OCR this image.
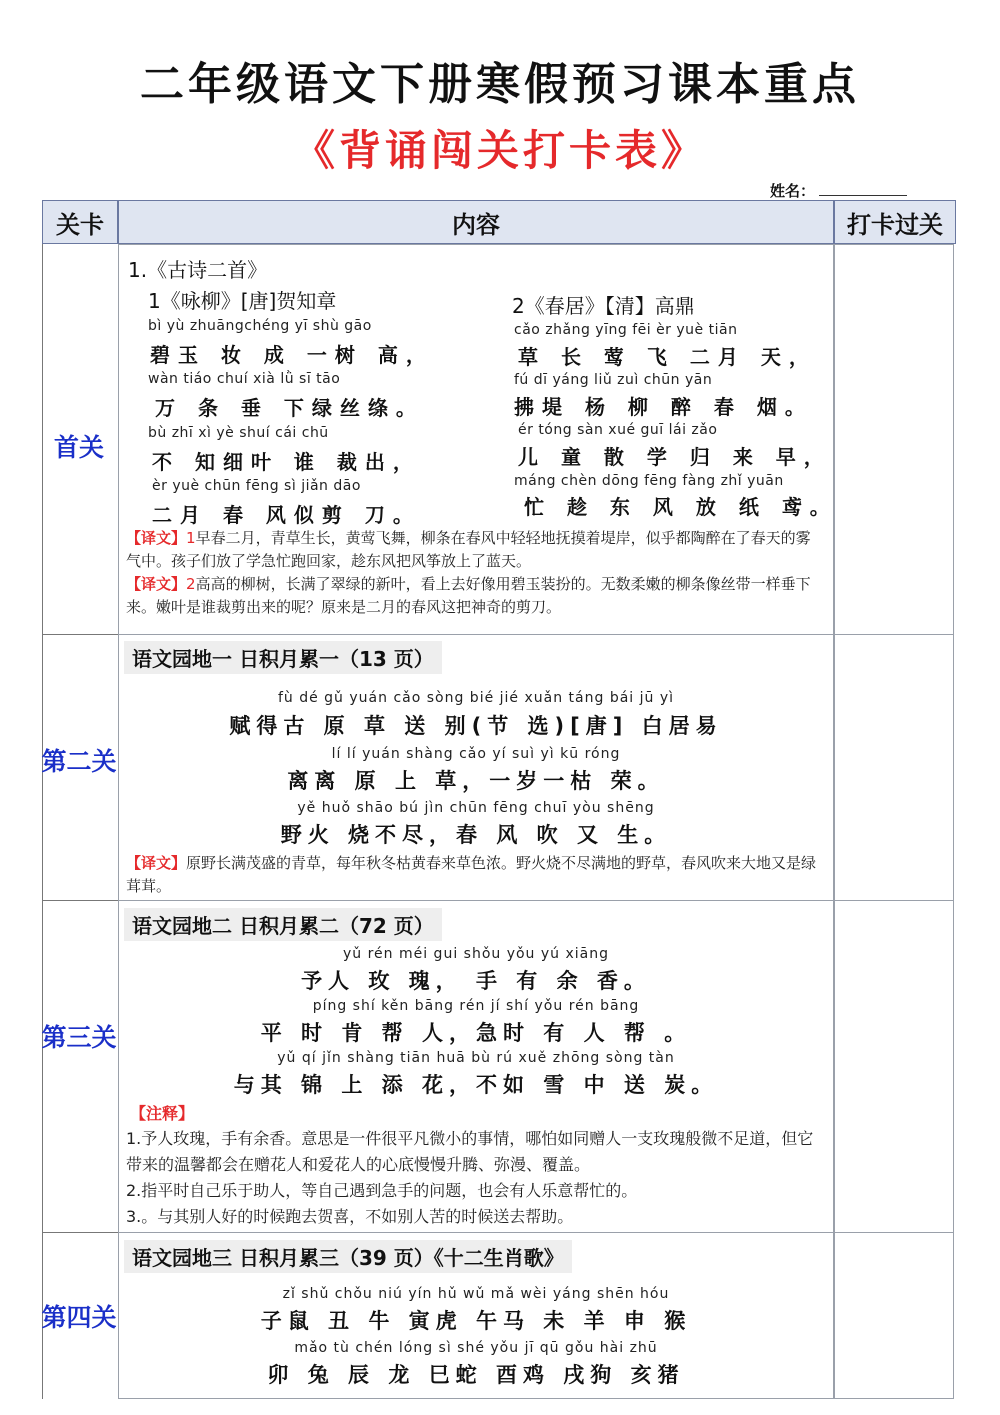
二年级语文下册寒假预习课本重点
《背诵闯关打卡表》
姓名：
关卡	内容	打卡过关
首关
第二关
第三关
第四关
1.《古诗二首》
1《咏柳》[唐]贺知章
bì yù zhuāngchéng yī shù gāo
碧玉 妆 成 一树 高，
wàn tiáo chuí xià lǜ sī tāo
万 条 垂 下绿丝绦。
bù zhī xì yè shuí cái chū
不 知细叶 谁 裁出，
èr yuè chūn fēng sì jiǎn dāo
二月 春 风似剪 刀。
2《春居》【清】高鼎
cǎo zhǎng yīng fēi èr yuè tiān
草 长 莺 飞 二月 天，
fú dī yáng liǔ zuì chūn yān
拂堤 杨 柳 醉 春 烟。
ér tóng sàn xué guī lái zǎo
儿 童 散 学 归 来 早，
máng chèn dōng fēng fàng zhǐ yuān
忙 趁 东 风 放 纸 鸢。
【译文】1早春二月，青草生长，黄莺飞舞，柳条在春风中轻轻地抚摸着堤岸，似乎都陶醉在了春天的雾气中。孩子们放了学急忙跑回家，趁东风把风筝放上了蓝天。
【译文】2高高的柳树，长满了翠绿的新叶，看上去好像用碧玉装扮的。无数柔嫩的柳条像丝带一样垂下来。嫩叶是谁裁剪出来的呢？原来是二月的春风这把神奇的剪刀。
语文园地一 日积月累一（13 页）
fù dé gǔ yuán cǎo sòng bié jié xuǎn táng bái jū yì
赋得古 原 草 送 别(节 选)[唐] 白居易
lí lí yuán shàng cǎo yí suì yì kū róng
离离 原 上 草，一岁一枯 荣。
yě huǒ shāo bú jìn chūn fēng chuī yòu shēng
野火 烧不尽，春 风 吹 又 生。
【译文】原野长满茂盛的青草，每年秋冬枯黄春来草色浓。野火烧不尽满地的野草，春风吹来大地又是绿茸茸。
语文园地二 日积月累二（72 页）
yǔ rén méi gui shǒu yǒu yú xiāng
予人 玫 瑰， 手 有 余 香。
píng shí kěn bāng rén jí shí yǒu rén bāng
平 时 肯 帮 人，急时 有 人 帮 。
yǔ qí jǐn shàng tiān huā bù rú xuě zhōng sòng tàn
与其 锦 上 添 花，不如 雪 中 送 炭。
【注释】
1.予人玫瑰，手有余香。意思是一件很平凡微小的事情，哪怕如同赠人一支玫瑰般微不足道，但它带来的温馨都会在赠花人和爱花人的心底慢慢升腾、弥漫、覆盖。
2.指平时自己乐于助人，等自己遇到急手的问题，也会有人乐意帮忙的。
3.。与其别人好的时候跑去贺喜，不如别人苦的时候送去帮助。
语文园地三 日积月累三（39 页）《十二生肖歌》
zǐ shǔ chǒu niú yín hǔ wǔ mǎ wèi yáng shēn hóu
子鼠 丑 牛 寅虎 午马 未 羊 申 猴
mǎo tù chén lóng sì shé yǒu jī qū gǒu hài zhū
卯 兔 辰 龙 巳蛇 酉鸡 戌狗 亥猪
